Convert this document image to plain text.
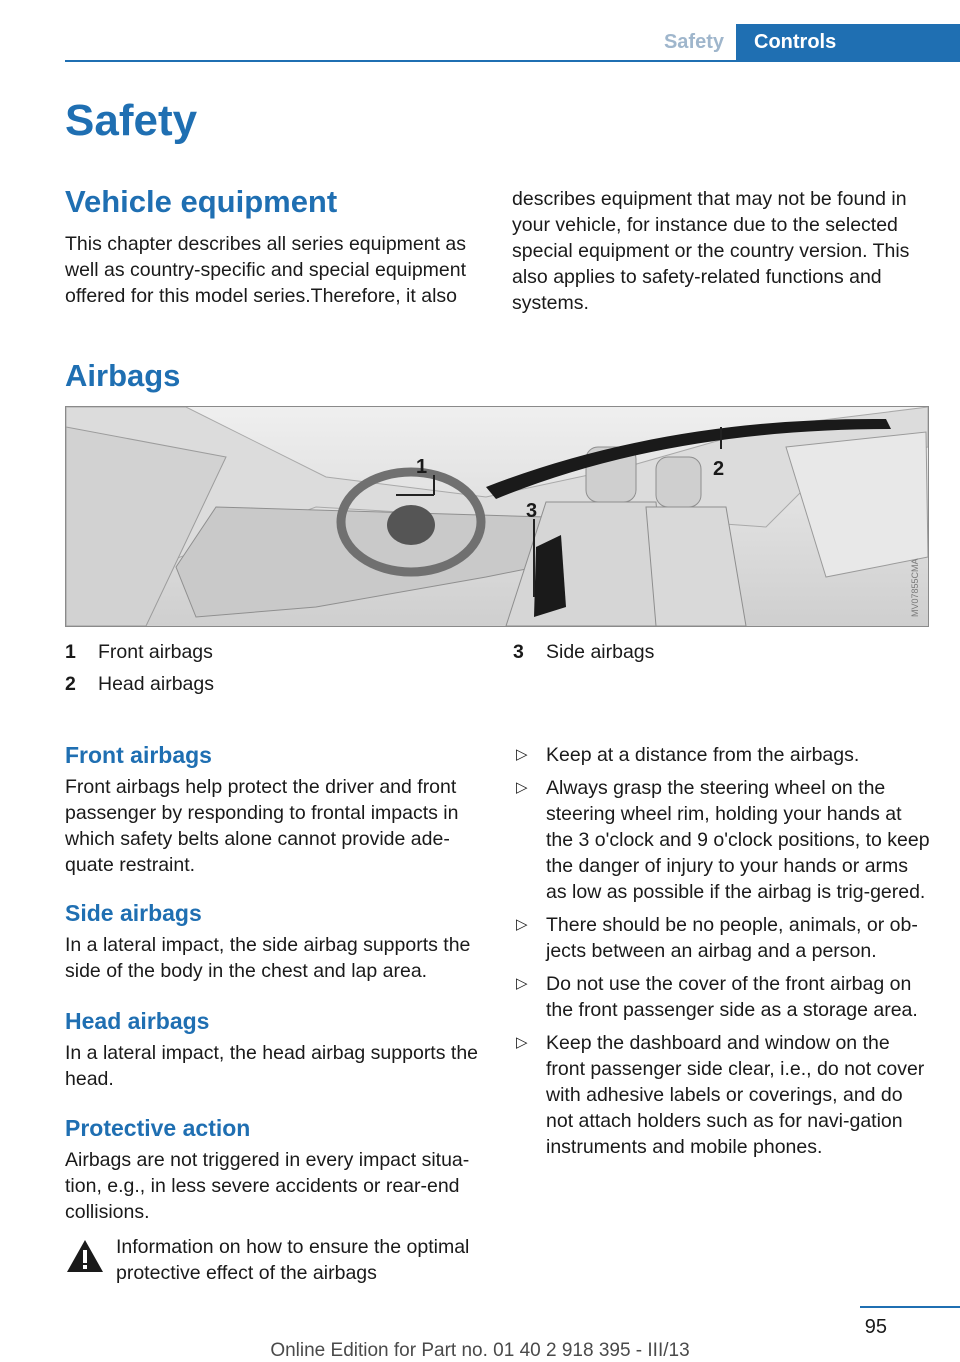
Safety	Controls
Safety
Vehicle equipment

This chapter describes all series equipment as well as country-specific and special equipment offered for this model series.Therefore, it also

describes equipment that may not be found in your vehicle, for instance due to the selected special equipment or the country version. This also applies to safety-related functions and systems.

Airbags
1	2
3
MV07855CMA
1 Front airbags
2 Head airbags
3 Side airbags
Front airbags

Front airbags help protect the driver and front passenger by responding to frontal impacts in which safety belts alone cannot provide ade-quate restraint.

Side airbags

In a lateral impact, the side airbag supports the side of the body in the chest and lap area.

Head airbags

In a lateral impact, the head airbag supports the head.

Protective action

Airbags are not triggered in every impact situa-tion, e.g., in less severe accidents or rear-end collisions.

Information on how to ensure the optimal protective effect of the airbags
▷ Keep at a distance from the airbags.
▷ Always grasp the steering wheel on the steering wheel rim, holding your hands at the 3 o'clock and 9 o'clock positions, to keep the danger of injury to your hands or arms as low as possible if the airbag is trig-gered.
▷ There should be no people, animals, or ob-jects between an airbag and a person.
▷ Do not use the cover of the front airbag on the front passenger side as a storage area.
▷ Keep the dashboard and window on the front passenger side clear, i.e., do not cover with adhesive labels or coverings, and do not attach holders such as for navi-gation instruments and mobile phones.
95
Online Edition for Part no. 01 40 2 918 395 - III/13
